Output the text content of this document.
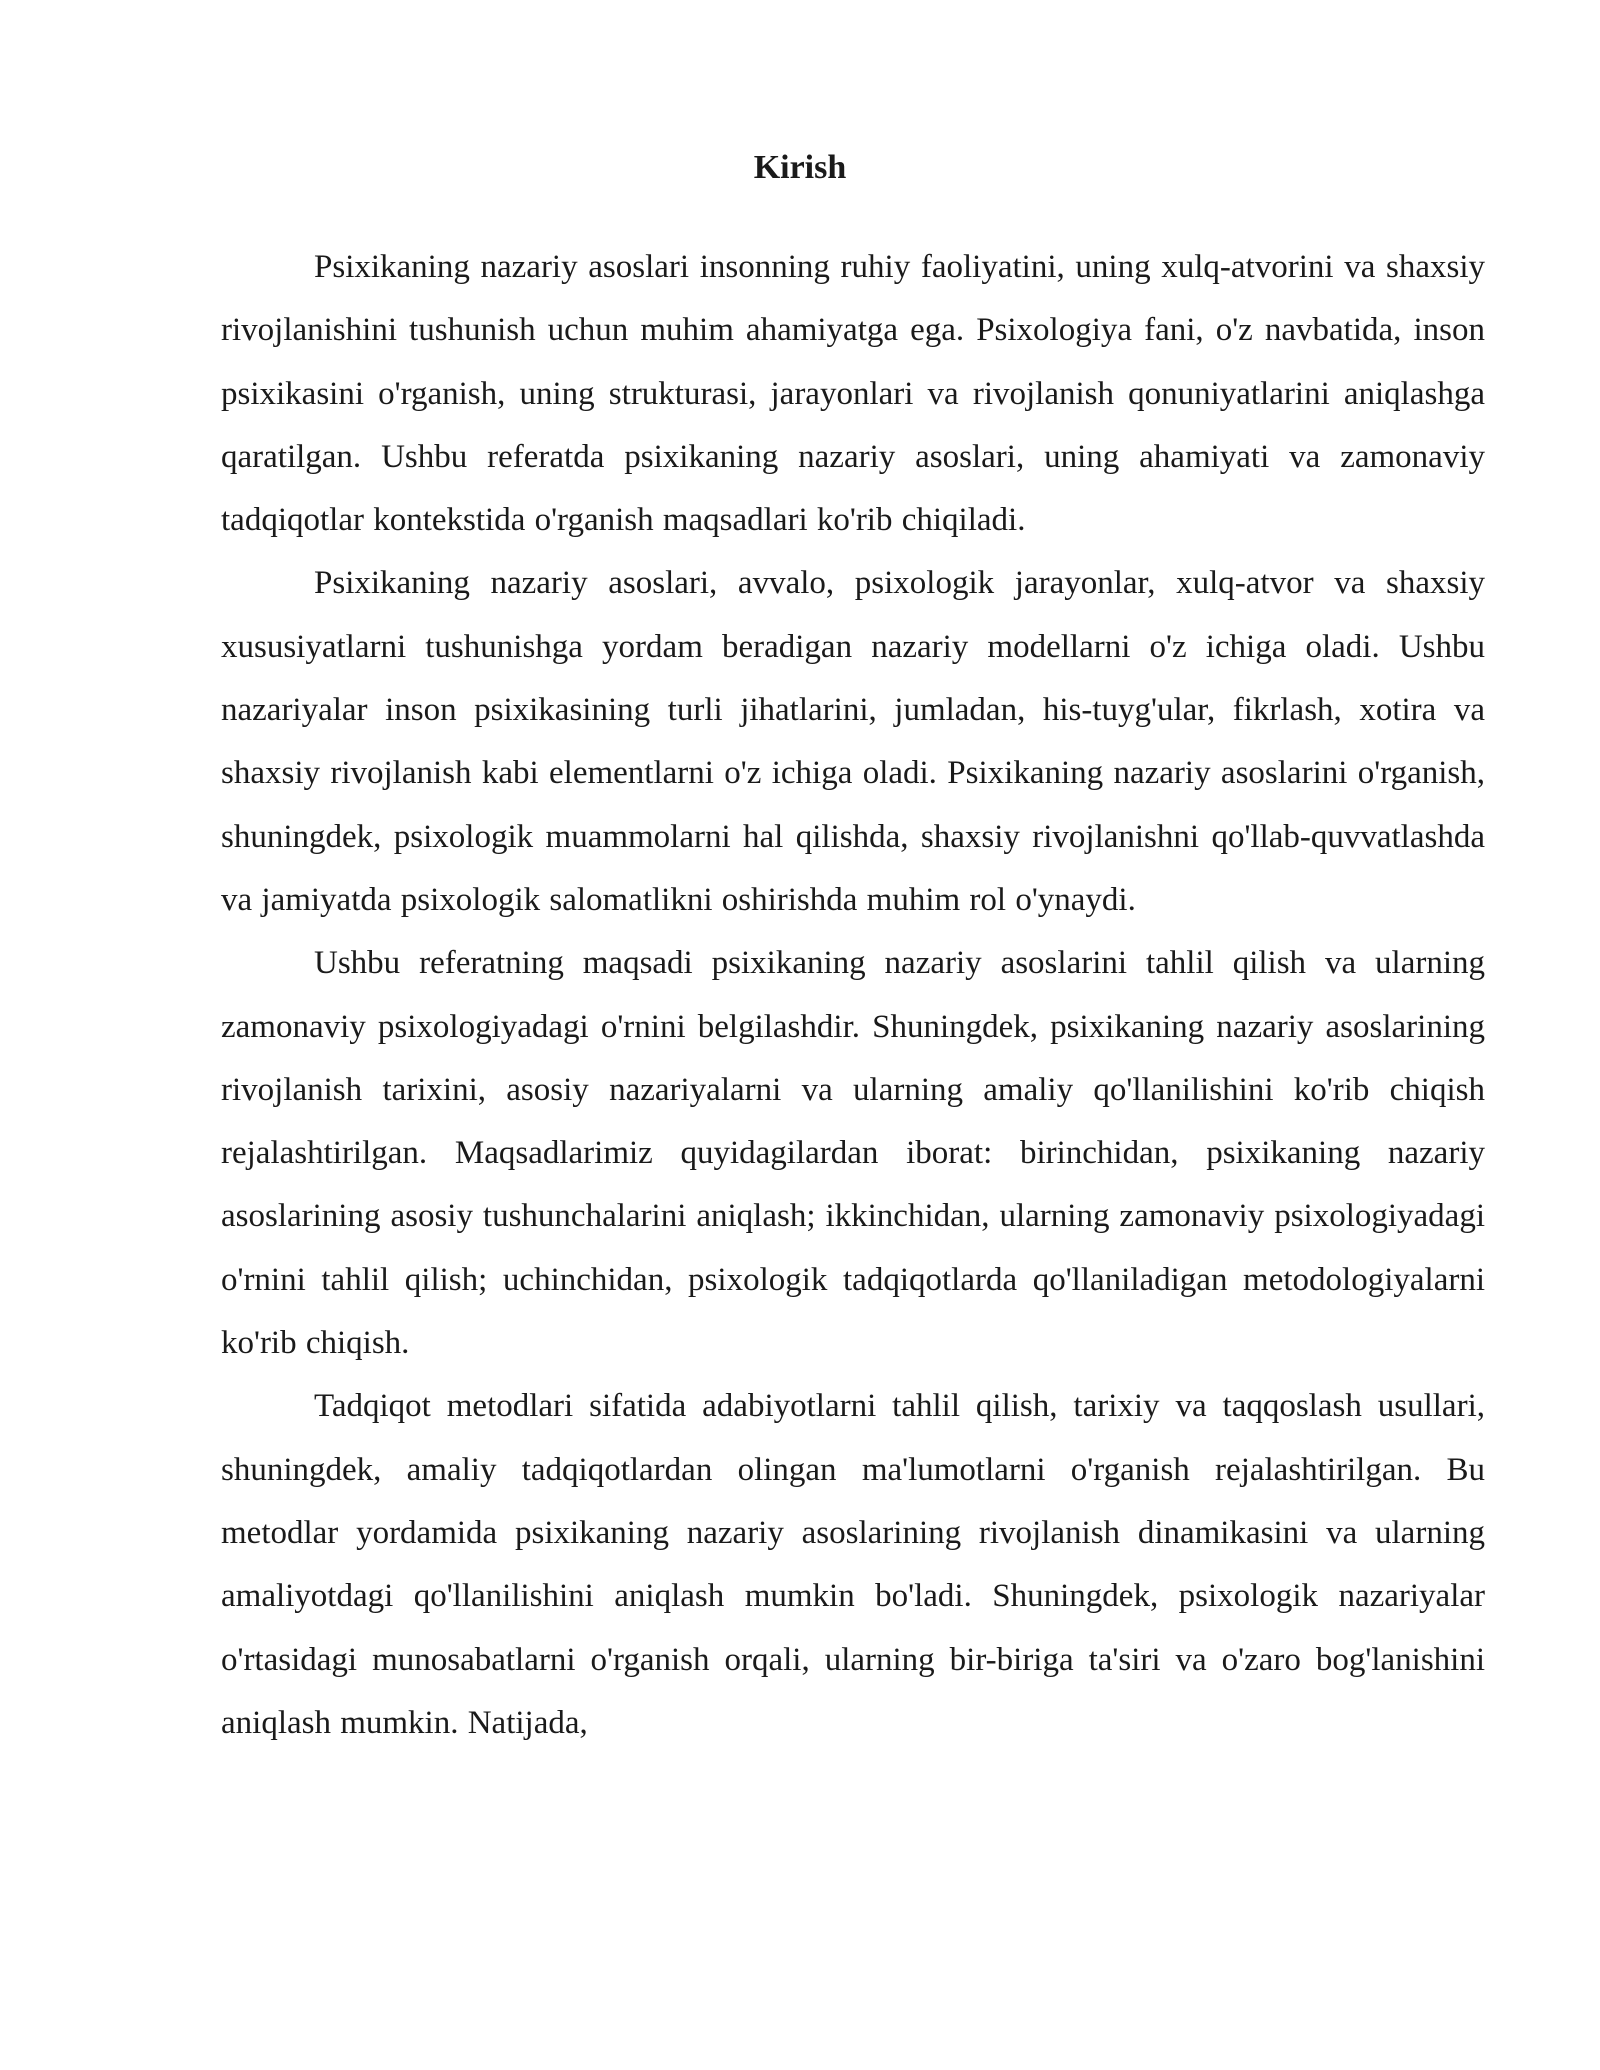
Kirish

Psixikaning nazariy asoslari insonning ruhiy faoliyatini, uning xulq-atvorini va shaxsiy rivojlanishini tushunish uchun muhim ahamiyatga ega. Psixologiya fani, o'z navbatida, inson psixikasini o'rganish, uning strukturasi, jarayonlari va rivojlanish qonuniyatlarini aniqlashga qaratilgan. Ushbu referatda psixikaning nazariy asoslari, uning ahamiyati va zamonaviy tadqiqotlar kontekstida o'rganish maqsadlari ko'rib chiqiladi.

Psixikaning nazariy asoslari, avvalo, psixologik jarayonlar, xulq-atvor va shaxsiy xususiyatlarni tushunishga yordam beradigan nazariy modellarni o'z ichiga oladi. Ushbu nazariyalar inson psixikasining turli jihatlarini, jumladan, his-tuyg'ular, fikrlash, xotira va shaxsiy rivojlanish kabi elementlarni o'z ichiga oladi. Psixikaning nazariy asoslarini o'rganish, shuningdek, psixologik muammolarni hal qilishda, shaxsiy rivojlanishni qo'llab-quvvatlashda va jamiyatda psixologik salomatlikni oshirishda muhim rol o'ynaydi.

Ushbu referatning maqsadi psixikaning nazariy asoslarini tahlil qilish va ularning zamonaviy psixologiyadagi o'rnini belgilashdir. Shuningdek, psixikaning nazariy asoslarining rivojlanish tarixini, asosiy nazariyalarni va ularning amaliy qo'llanilishini ko'rib chiqish rejalashtirilgan. Maqsadlarimiz quyidagilardan iborat: birinchidan, psixikaning nazariy asoslarining asosiy tushunchalarini aniqlash; ikkinchidan, ularning zamonaviy psixologiyadagi o'rnini tahlil qilish; uchinchidan, psixologik tadqiqotlarda qo'llaniladigan metodologiyalarni ko'rib chiqish.

Tadqiqot metodlari sifatida adabiyotlarni tahlil qilish, tarixiy va taqqoslash usullari, shuningdek, amaliy tadqiqotlardan olingan ma'lumotlarni o'rganish rejalashtirilgan. Bu metodlar yordamida psixikaning nazariy asoslarining rivojlanish dinamikasini va ularning amaliyotdagi qo'llanilishini aniqlash mumkin bo'ladi. Shuningdek, psixologik nazariyalar o'rtasidagi munosabatlarni o'rganish orqali, ularning bir-biriga ta'siri va o'zaro bog'lanishini aniqlash mumkin. Natijada,
